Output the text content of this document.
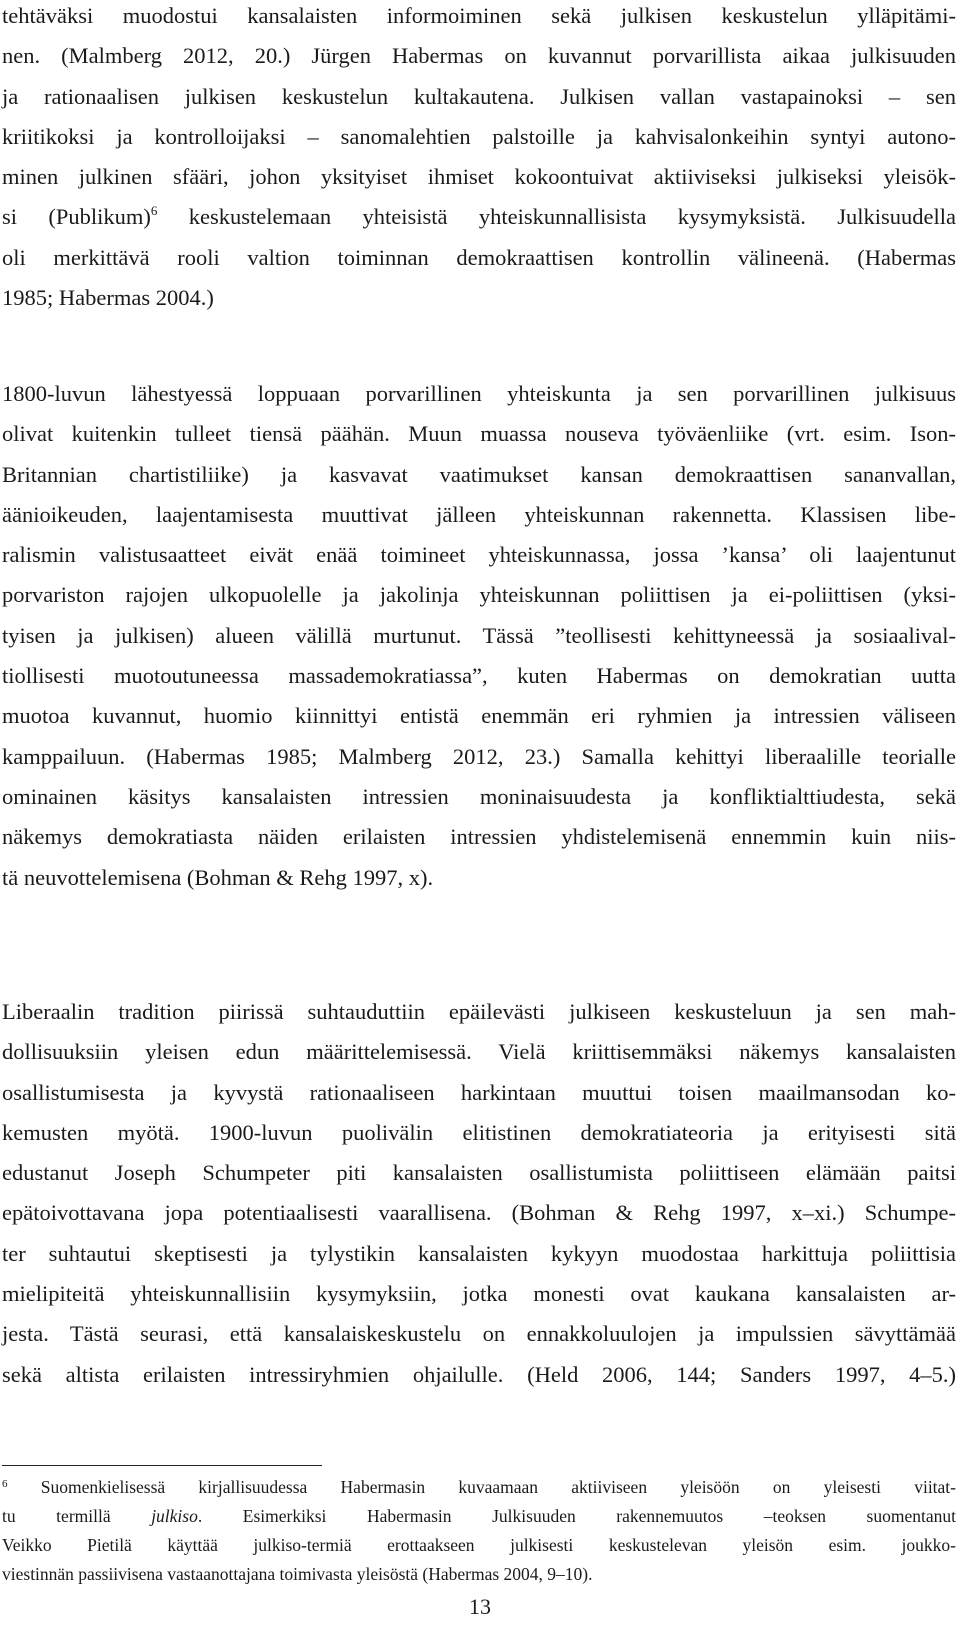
tehtäväksi muodostui kansalaisten informoiminen sekä julkisen keskustelun ylläpitämi-
nen. (Malmberg 2012, 20.) Jürgen Habermas on kuvannut porvarillista aikaa julkisuuden
ja rationaalisen julkisen keskustelun kultakautena. Julkisen vallan vastapainoksi – sen
kriitikoksi ja kontrolloijaksi – sanomalehtien palstoille ja kahvisalonkeihin syntyi autono-
minen julkinen sfääri, johon yksityiset ihmiset kokoontuivat aktiiviseksi julkiseksi yleisök-
si (Publikum)$^6$ keskustelemaan yhteisistä yhteiskunnallisista kysymyksistä. Julkisuudella
oli merkittävä rooli valtion toiminnan demokraattisen kontrollin välineenä. (Habermas
1985; Habermas 2004.)

1800-luvun lähestyessä loppuaan porvarillinen yhteiskunta ja sen porvarillinen julkisuus
olivat kuitenkin tulleet tiensä päähän. Muun muassa nouseva työväenliike (vrt. esim. Ison-
Britannian chartistiliike) ja kasvavat vaatimukset kansan demokraattisen sananvallan,
äänioikeuden, laajentamisesta muuttivat jälleen yhteiskunnan rakennetta. Klassisen libe-
ralismin valistusaatteet eivät enää toimineet yhteiskunnassa, jossa ’kansa’ oli laajentunut
porvariston rajojen ulkopuolelle ja jakolinja yhteiskunnan poliittisen ja ei-poliittisen (yksi-
tyisen ja julkisen) alueen välillä murtunut. Tässä ”teollisesti kehittyneessä ja sosiaalival-
tiollisesti muotoutuneessa massademokratiassa”, kuten Habermas on demokratian uutta
muotoa kuvannut, huomio kiinnittyi entistä enemmän eri ryhmien ja intressien väliseen
kamppailuun. (Habermas 1985; Malmberg 2012, 23.) Samalla kehittyi liberaalille teorialle
ominainen käsitys kansalaisten intressien moninaisuudesta ja konfliktialttiudesta, sekä
näkemys demokratiasta näiden erilaisten intressien yhdistelemisenä ennemmin kuin niis-
tä neuvottelemisena (Bohman & Rehg 1997, x).

Liberaalin tradition piirissä suhtauduttiin epäilevästi julkiseen keskusteluun ja sen mah-
dollisuuksiin yleisen edun määrittelemisessä. Vielä kriittisemmäksi näkemys kansalaisten
osallistumisesta ja kyvystä rationaaliseen harkintaan muuttui toisen maailmansodan ko-
kemusten myötä. 1900-luvun puolivälin elitistinen demokratiateoria ja erityisesti sitä
edustanut Joseph Schumpeter piti kansalaisten osallistumista poliittiseen elämään paitsi
epätoivottavana jopa potentiaalisesti vaarallisena. (Bohman & Rehg 1997, x–xi.) Schumpe-
ter suhtautui skeptisesti ja tylystikin kansalaisten kykyyn muodostaa harkittuja poliittisia
mielipiteitä yhteiskunnallisiin kysymyksiin, jotka monesti ovat kaukana kansalaisten ar-
jesta. Tästä seurasi, että kansalaiskeskustelu on ennakkoluulojen ja impulssien sävyttämää
sekä altista erilaisten intressiryhmien ohjailulle. (Held 2006, 144; Sanders 1997, 4–5.)

$^6$ Suomenkielisessä kirjallisuudessa Habermasin kuvaamaan aktiiviseen yleisöön on yleisesti viitat-
tu termillä julkiso. Esimerkiksi Habermasin Julkisuuden rakennemuutos –teoksen suomentanut
Veikko Pietilä käyttää julkiso-termiä erottaakseen julkisesti keskustelevan yleisön esim. joukko-
viestinnän passiivisena vastaanottajana toimivasta yleisöstä (Habermas 2004, 9–10).

13
